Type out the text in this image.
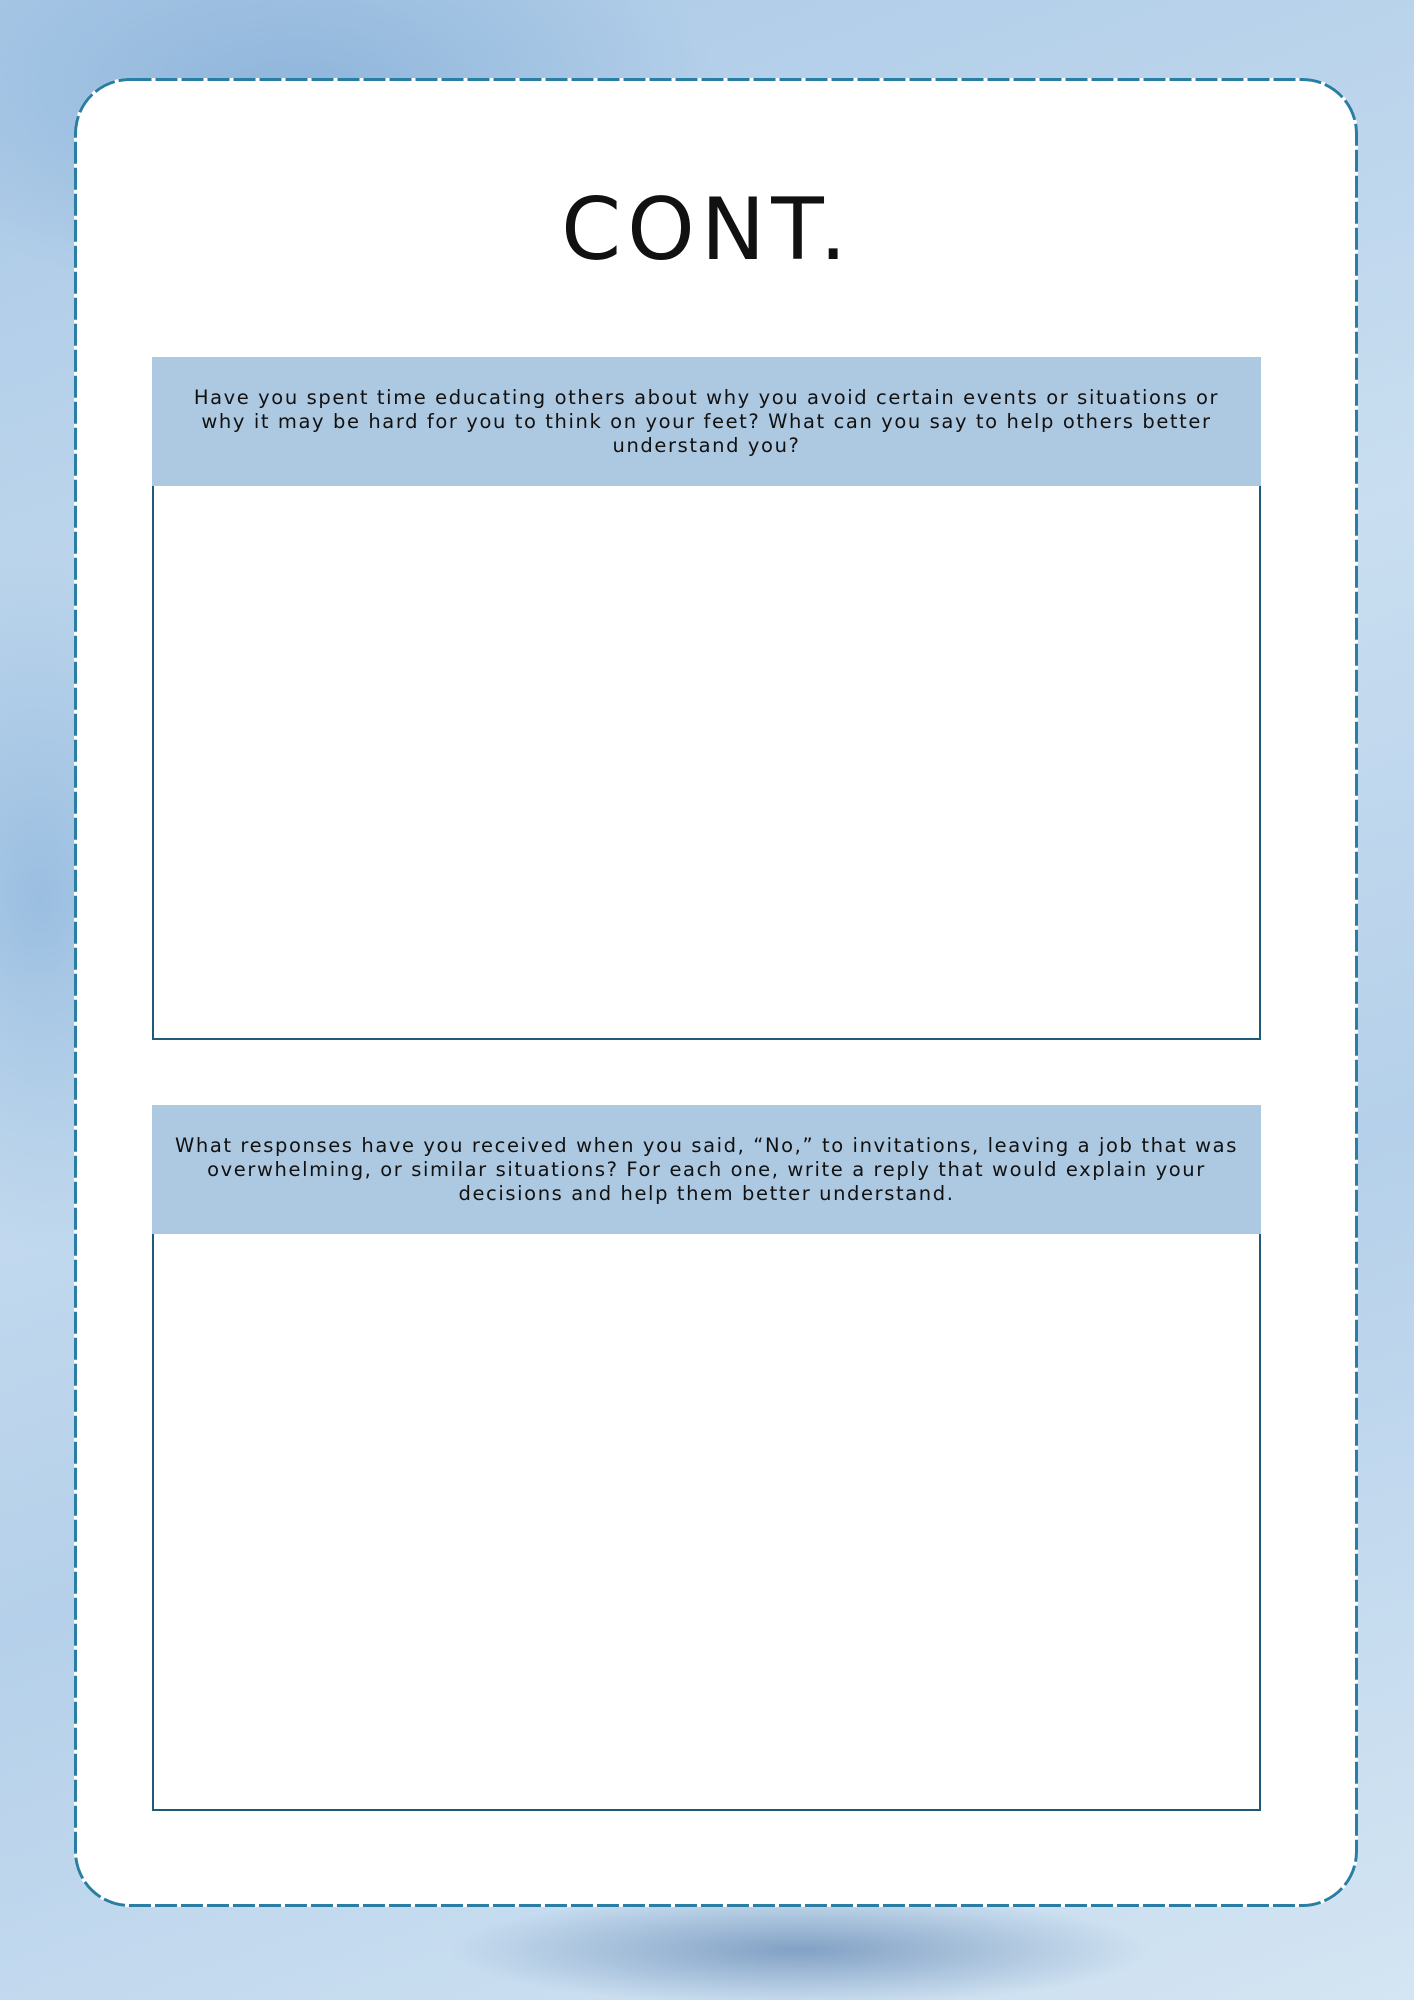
CONT.
Have you spent time educating others about why you avoid certain events or situations or why it may be hard for you to think on your feet? What can you say to help others better understand you?
What responses have you received when you said, “No,” to invitations, leaving a job that was overwhelming, or similar situations? For each one, write a reply that would explain your decisions and help them better understand.
